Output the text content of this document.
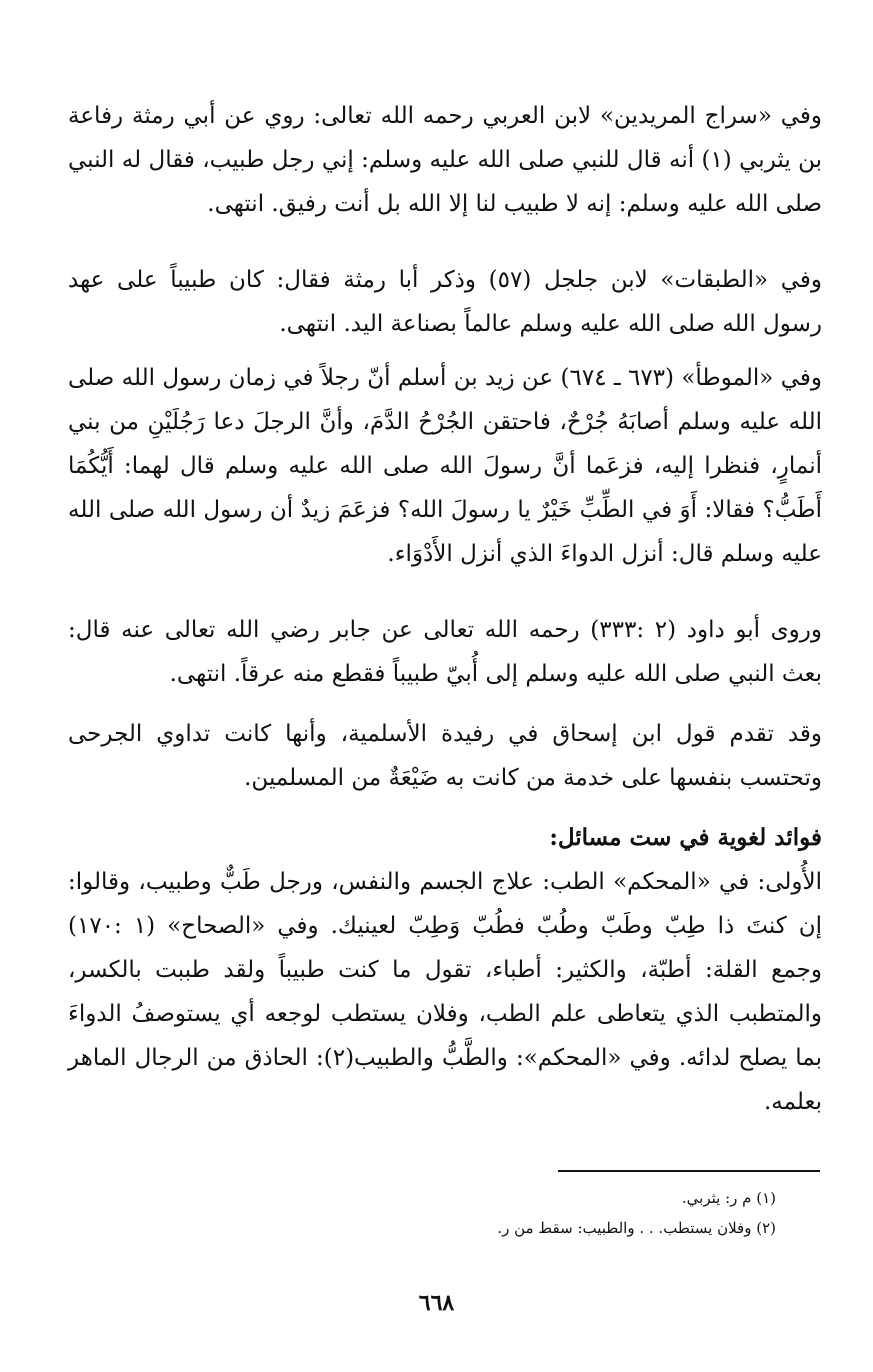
وفي «سراج المريدين» لابن العربي رحمه الله تعالى: روي عن أبي رمثة رفاعة بن يثربي (١) أنه قال للنبي صلى الله عليه وسلم: إني رجل طبيب، فقال له النبي صلى الله عليه وسلم: إنه لا طبيب لنا إلا الله بل أنت رفيق. انتهى.
وفي «الطبقات» لابن جلجل (٥٧) وذكر أبا رمثة فقال: كان طبيباً على عهد رسول الله صلى الله عليه وسلم عالماً بصناعة اليد. انتهى.
وفي «الموطأ» (٦٧٣ ـ ٦٧٤) عن زيد بن أسلم أنّ رجلاً في زمان رسول الله صلى الله عليه وسلم أصابَهُ جُرْحٌ، فاحتقن الجُرْحُ الدَّمَ، وأنَّ الرجلَ دعا رَجُلَيْنِ من بني أنمارٍ، فنظرا إليه، فزعَما أنَّ رسولَ الله صلى الله عليه وسلم قال لهما: أَيُّكُمَا أَطَبُّ؟ فقالا: أَوَ في الطِّبِّ خَيْرٌ يا رسولَ الله؟ فزعَمَ زيدٌ أن رسول الله صلى الله عليه وسلم قال: أنزل الدواءَ الذي أنزل الأَدْوَاء.
وروى أبو داود (٢ :٣٣٣) رحمه الله تعالى عن جابر رضي الله تعالى عنه قال: بعث النبي صلى الله عليه وسلم إلى أُبيّ طبيباً فقطع منه عرقاً. انتهى.
وقد تقدم قول ابن إسحاق في رفيدة الأسلمية، وأنها كانت تداوي الجرحى وتحتسب بنفسها على خدمة من كانت به ضَيْعَةٌ من المسلمين.
فوائد لغوية في ست مسائل:
الأُولى: في «المحكم» الطب: علاج الجسم والنفس، ورجل طَبٌّ وطبيب، وقالوا: إن كنتَ ذا طِبّ وطَبّ وطُبّ فطُبّ وَطِبّ لعينيك. وفي «الصحاح» (١ :١٧٠) وجمع القلة: أطبّة، والكثير: أطباء، تقول ما كنت طبيباً ولقد طببت بالكسر، والمتطبب الذي يتعاطى علم الطب، وفلان يستطب لوجعه أي يستوصفُ الدواءَ بما يصلح لدائه. وفي «المحكم»: والطَّبُّ والطبيب(٢): الحاذق من الرجال الماهر بعلمه.
(١) م ر: يثربي.
(٢) وفلان يستطب. . . والطبيب: سقط من ر.
٦٦٨
